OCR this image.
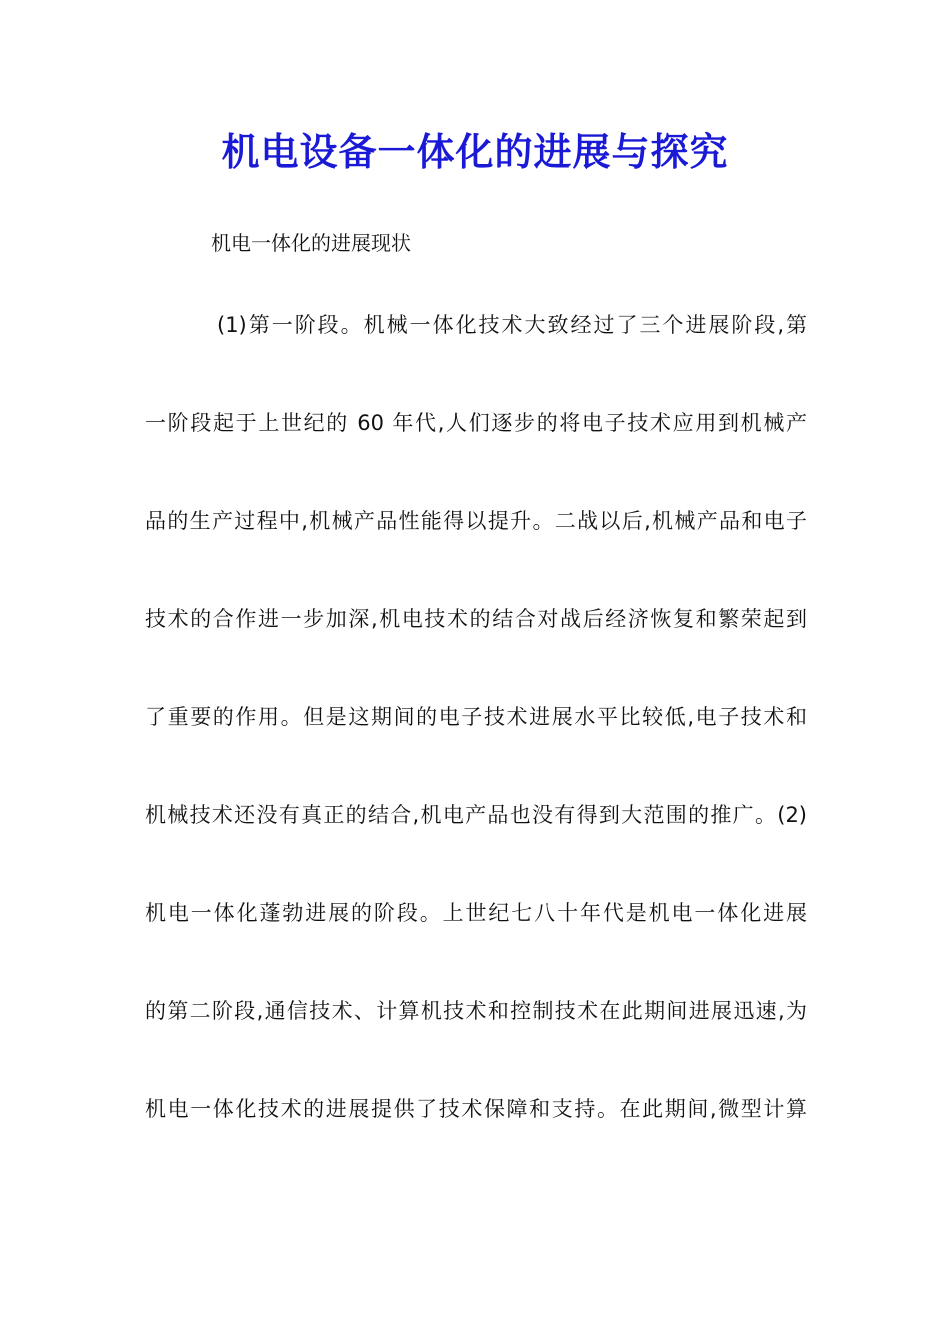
机电设备一体化的进展与探究

机电一体化的进展现状

(1)第一阶段。机械一体化技术大致经过了三个进展阶段,第
一阶段起于上世纪的 60 年代,人们逐步的将电子技术应用到机械产
品的生产过程中,机械产品性能得以提升。二战以后,机械产品和电子
技术的合作进一步加深,机电技术的结合对战后经济恢复和繁荣起到
了重要的作用。但是这期间的电子技术进展水平比较低,电子技术和
机械技术还没有真正的结合,机电产品也没有得到大范围的推广。(2)
机电一体化蓬勃进展的阶段。上世纪七八十年代是机电一体化进展
的第二阶段,通信技术、计算机技术和控制技术在此期间进展迅速,为
机电一体化技术的进展提供了技术保障和支持。在此期间,微型计算
